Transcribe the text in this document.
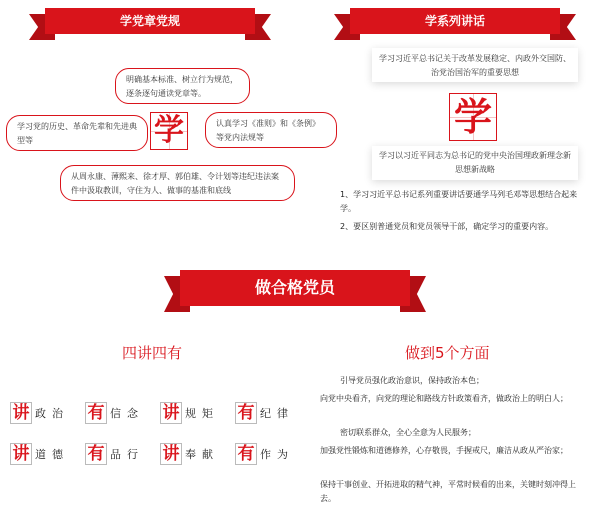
学党章党规
明确基本标准、树立行为规范，逐条逐句通读党章等。
认真学习《准则》和《条例》等党内法规等
学习党的历史、革命先辈和先进典型等
从周永康、薄熙来、徐才厚、郭伯雄、令计划等违纪违法案件中汲取教训，守住为人、做事的基准和底线
学
学系列讲话
学习习近平总书记关于改革发展稳定、内政外交国防、治党治国治军的重要思想
学
学习以习近平同志为总书记的党中央治国理政新理念新思想新战略
1、学习习近平总书记系列重要讲话要通学马列毛邓等思想结合起来学。
2、要区别普通党员和党员领导干部，确定学习的重要内容。
做合格党员
四讲四有	做到5个方面
讲 政治 有 信念 讲 规矩 有 纪律
讲 道德 有 品行 讲 奉献 有 作为
引导党员强化政治意识，保持政治本色；
向党中央看齐，向党的理论和路线方针政策看齐，做政治上的明白人；
密切联系群众，全心全意为人民服务；
加强党性锻炼和道德修养，心存敬畏，手握戒尺，廉洁从政从严治家；
保持干事创业、开拓进取的精气神，平常时候看的出来，关键时刻冲得上去。
